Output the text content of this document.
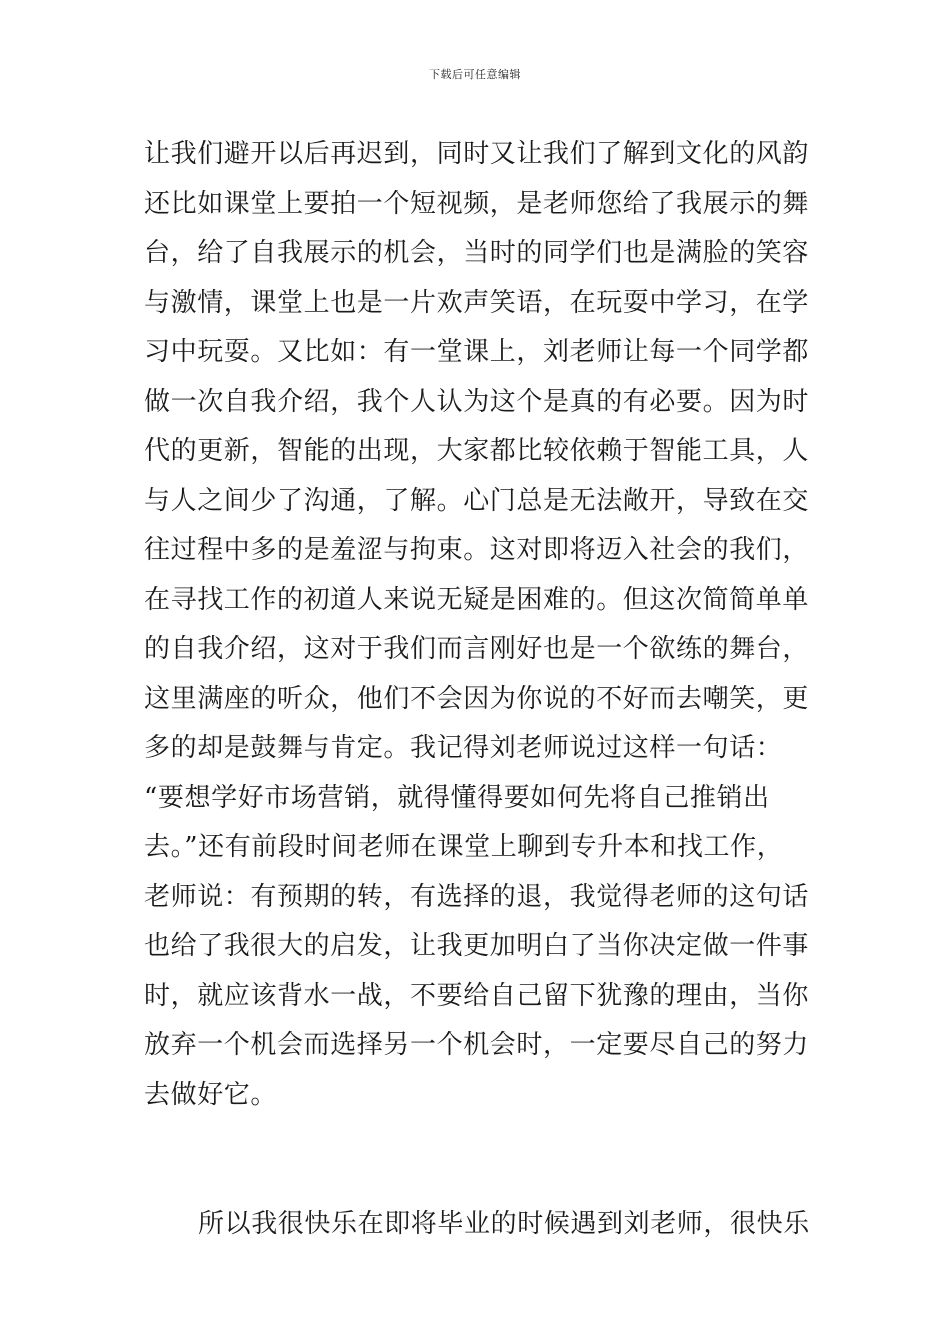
下载后可任意编辑
让我们避开以后再迟到，同时又让我们了解到文化的风韵
还比如课堂上要拍一个短视频，是老师您给了我展示的舞
台，给了自我展示的机会，当时的同学们也是满脸的笑容
与激情，课堂上也是一片欢声笑语，在玩耍中学习，在学
习中玩耍。又比如：有一堂课上，刘老师让每一个同学都
做一次自我介绍，我个人认为这个是真的有必要。因为时
代的更新，智能的出现，大家都比较依赖于智能工具，人
与人之间少了沟通，了解。心门总是无法敞开，导致在交
往过程中多的是羞涩与拘束。这对即将迈入社会的我们，
在寻找工作的初道人来说无疑是困难的。但这次简简单单
的自我介绍，这对于我们而言刚好也是一个欲练的舞台，
这里满座的听众，他们不会因为你说的不好而去嘲笑，更
多的却是鼓舞与肯定。我记得刘老师说过这样一句话：
“要想学好市场营销，就得懂得要如何先将自己推销出
去。”还有前段时间老师在课堂上聊到专升本和找工作，
老师说：有预期的转，有选择的退，我觉得老师的这句话
也给了我很大的启发，让我更加明白了当你决定做一件事
时，就应该背水一战，不要给自己留下犹豫的理由，当你
放弃一个机会而选择另一个机会时，一定要尽自己的努力
去做好它。
所以我很快乐在即将毕业的时候遇到刘老师，很快乐
